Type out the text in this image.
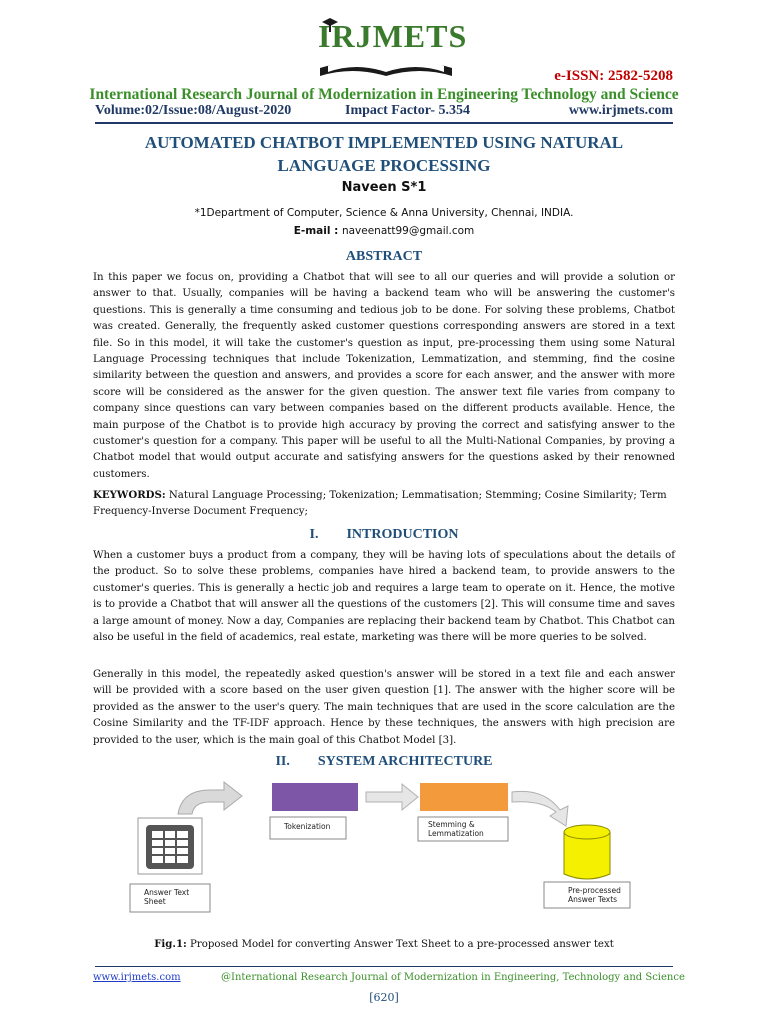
IRJMETS
e-ISSN: 2582-5208
International Research Journal of Modernization in Engineering Technology and Science
Volume:02/Issue:08/August-2020	Impact Factor- 5.354	www.irjmets.com
AUTOMATED CHATBOT IMPLEMENTED USING NATURAL
LANGUAGE PROCESSING
Naveen S*1
*1Department of Computer, Science & Anna University, Chennai, INDIA.
E-mail : naveenatt99@gmail.com
ABSTRACT
In this paper we focus on, providing a Chatbot that will see to all our queries and will provide a solution or answer to that. Usually, companies will be having a backend team who will be answering the customer's questions. This is generally a time consuming and tedious job to be done. For solving these problems, Chatbot was created. Generally, the frequently asked customer questions corresponding answers are stored in a text file. So in this model, it will take the customer's question as input, pre-processing them using some Natural Language Processing techniques that include Tokenization, Lemmatization, and stemming, find the cosine similarity between the question and answers, and provides a score for each answer, and the answer with more score will be considered as the answer for the given question. The answer text file varies from company to company since questions can vary between companies based on the different products available. Hence, the main purpose of the Chatbot is to provide high accuracy by proving the correct and satisfying answer to the customer's question for a company. This paper will be useful to all the Multi-National Companies, by proving a Chatbot model that would output accurate and satisfying answers for the questions asked by their renowned customers.
KEYWORDS: Natural Language Processing; Tokenization; Lemmatisation; Stemming; Cosine Similarity; Term Frequency-Inverse Document Frequency;
I.        INTRODUCTION
When a customer buys a product from a company, they will be having lots of speculations about the details of the product. So to solve these problems, companies have hired a backend team, to provide answers to the customer's queries. This is generally a hectic job and requires a large team to operate on it. Hence, the motive is to provide a Chatbot that will answer all the questions of the customers [2]. This will consume time and saves a large amount of money. Now a day, Companies are replacing their backend team by Chatbot. This Chatbot can also be useful in the field of academics, real estate, marketing was there will be more queries to be solved.
Generally in this model, the repeatedly asked question's answer will be stored in a text file and each answer will be provided with a score based on the user given question [1]. The answer with the higher score will be provided as the answer to the user's query. The main techniques that are used in the score calculation are the Cosine Similarity and the TF-IDF approach. Hence by these techniques, the answers with high precision are provided to the user, which is the main goal of this Chatbot Model [3].
II.        SYSTEM ARCHITECTURE
Tokenization	Stemming &
Lemmatization
Answer Text Sheet
Pre-processed
Answer Texts
Fig.1: Proposed Model for converting Answer Text Sheet to a pre-processed answer text
www.irjmets.com	@International Research Journal of Modernization in Engineering, Technology and Science
[620]
